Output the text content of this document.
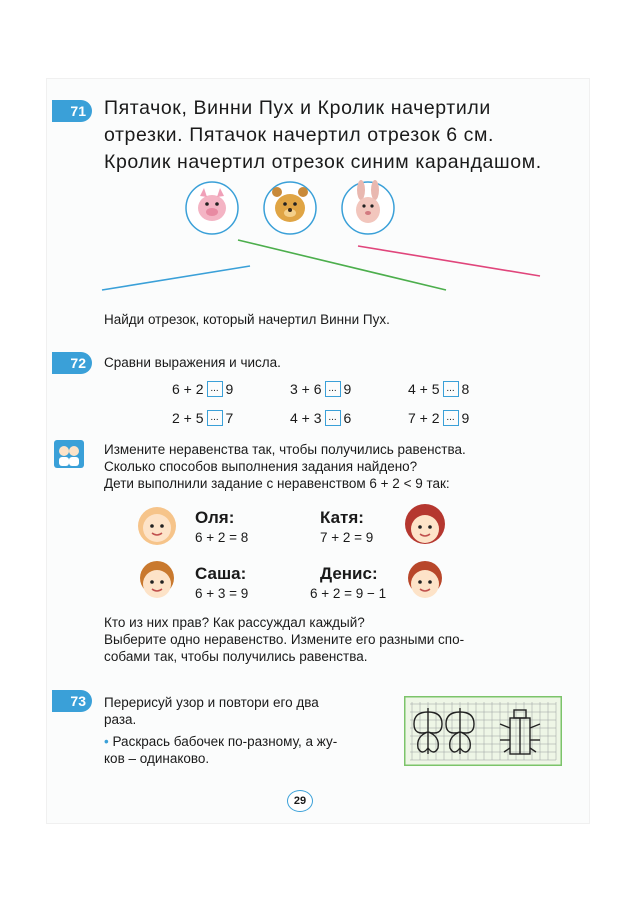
71 Пятачок, Винни Пух и Кролик начертили
отрезки. Пятачок начертил отрезок 6 см.
Кролик начертил отрезок синим карандашом.
Найди отрезок, который начертил Винни Пух.
72	Сравни выражения и числа.
6 + 2 ... 9	3 + 6 ... 9	4 + 5 ... 8
2 + 5 ... 7	4 + 3 ... 6	7 + 2 ... 9
Измените неравенства так, чтобы получились равенства.
Сколько способов выполнения задания найдено?
Дети выполнили задание с неравенством 6 + 2 < 9 так:
Оля:
6 + 2 = 8
Катя:
7 + 2 = 9
Саша:
6 + 3 = 9
Денис:
6 + 2 = 9 − 1
Кто из них прав? Как рассуждал каждый?
Выберите одно неравенство. Измените его разными спо-
собами так, чтобы получились равенства.
73	Перерисуй узор и повтори его два
раза.
• Раскрась бабочек по-разному, а жу-
ков – одинаково.
29
